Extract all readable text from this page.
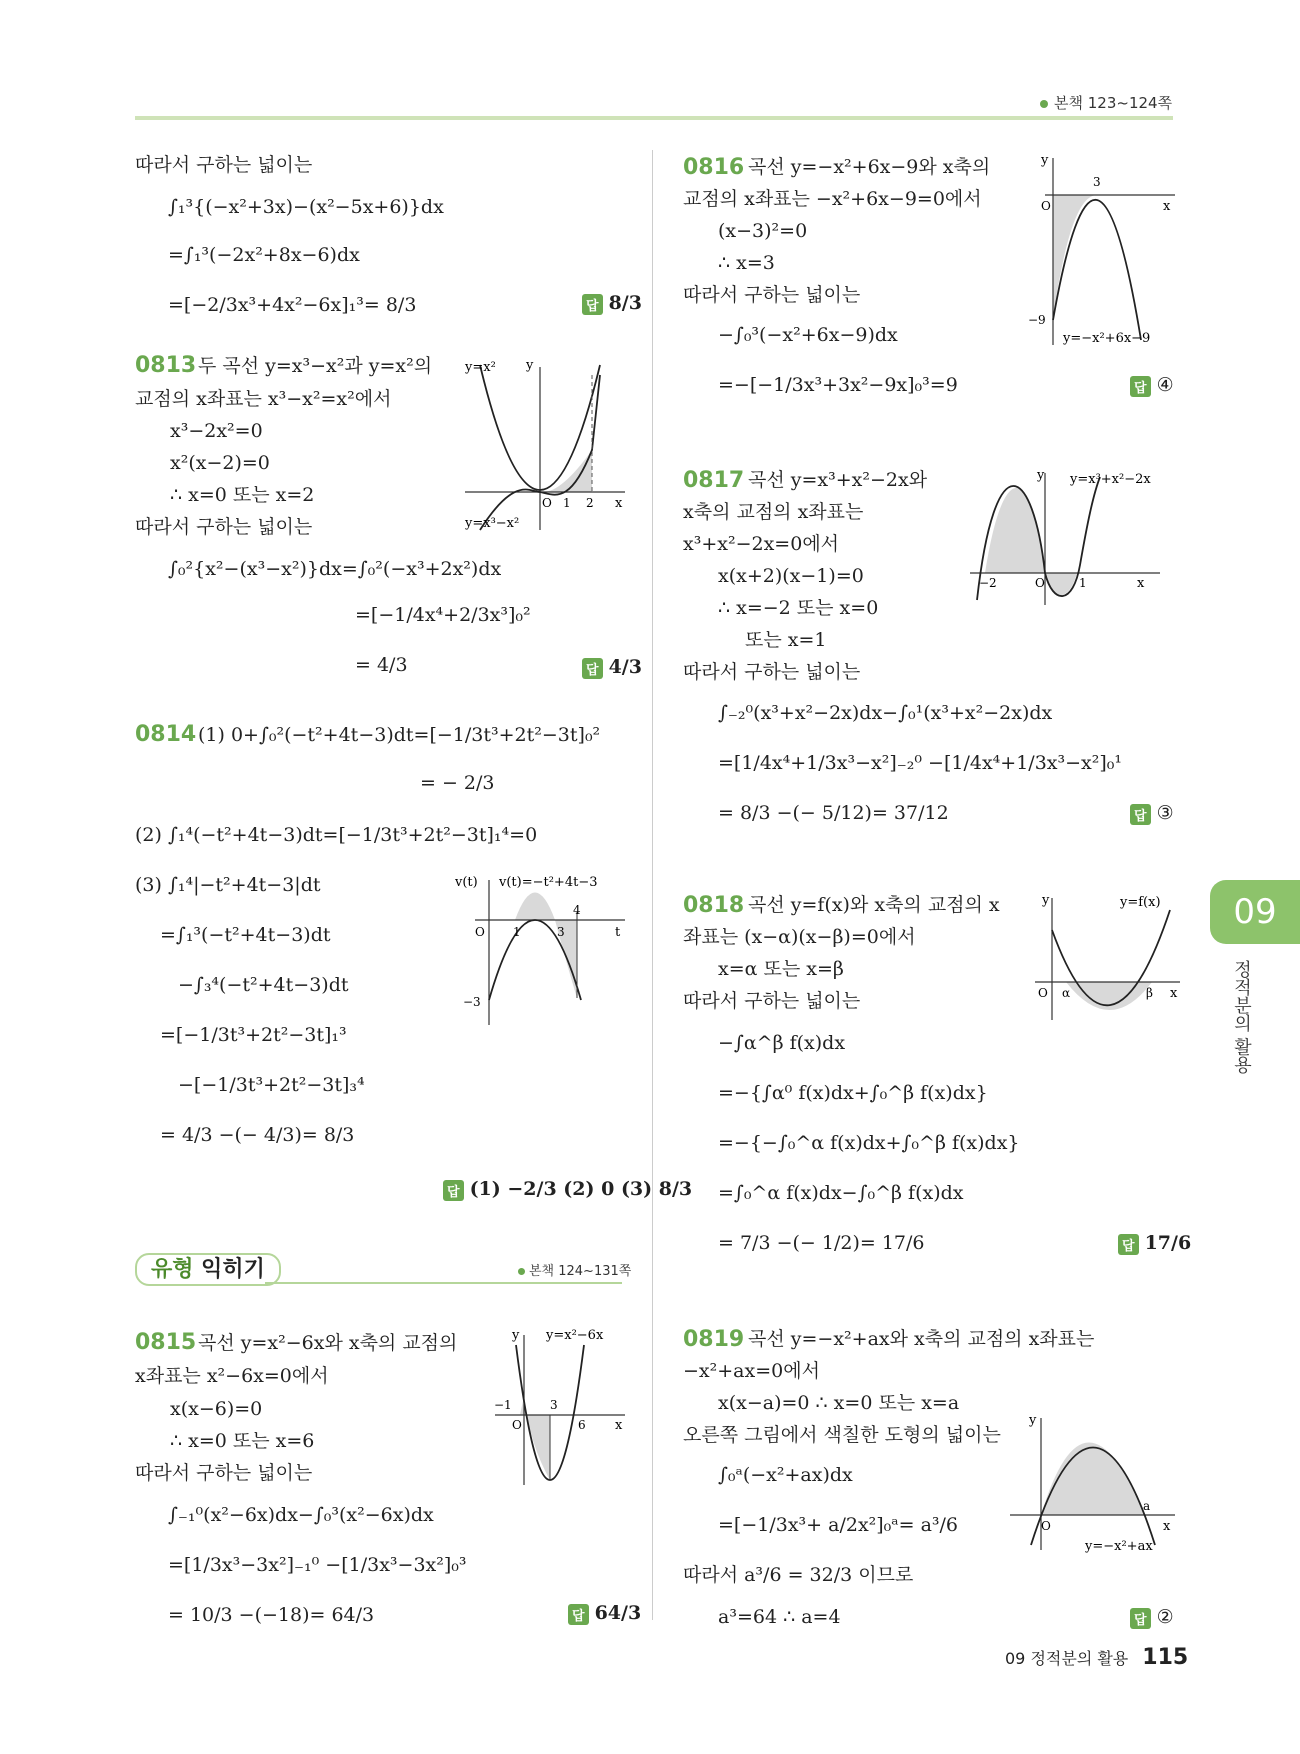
본책 123~124쪽
따라서 구하는 넓이는
∫₁³{(−x²+3x)−(x²−5x+6)}dx
=∫₁³(−2x²+8x−6)dx
=[−2/3x³+4x²−6x]₁³= 8/3	답 8/3
0813 두 곡선 y=x³−x²과 y=x²의
교점의 x좌표는 x³−x²=x²에서
x³−2x²=0
x²(x−2)=0
∴ x=0 또는 x=2
따라서 구하는 넓이는
∫₀²{x²−(x³−x²)}dx=∫₀²(−x³+2x²)dx
=[−1/4x⁴+2/3x³]₀²
= 4/3	답 4/3
y=x² y
x
O 1 2
y=x³−x²
0814 (1) 0+∫₀²(−t²+4t−3)dt=[−1/3t³+2t²−3t]₀²
= − 2/3
(2) ∫₁⁴(−t²+4t−3)dt=[−1/3t³+2t²−3t]₁⁴=0
(3) ∫₁⁴|−t²+4t−3|dt
=∫₁³(−t²+4t−3)dt
−∫₃⁴(−t²+4t−3)dt
=[−1/3t³+2t²−3t]₁³
−[−1/3t³+2t²−3t]₃⁴
= 4/3 −(− 4/3)= 8/3
답 (1) −2/3 (2) 0 (3) 8/3
v(t) v(t)=−t²+4t−3
O 1	3
4
t
−3
유형 익히기	본책 124~131쪽
0815 곡선 y=x²−6x와 x축의 교점의
x좌표는 x²−6x=0에서
x(x−6)=0
∴ x=0 또는 x=6
따라서 구하는 넓이는
∫₋₁⁰(x²−6x)dx−∫₀³(x²−6x)dx
=[1/3x³−3x²]₋₁⁰ −[1/3x³−3x²]₀³
= 10/3 −(−18)= 64/3	답 64/3
y y=x²−6x
−1	3
O	6 x
0816 곡선 y=−x²+6x−9와 x축의
교점의 x좌표는 −x²+6x−9=0에서
(x−3)²=0
∴ x=3
따라서 구하는 넓이는
−∫₀³(−x²+6x−9)dx
=−[−1/3x³+3x²−9x]₀³=9	답 ④
y
3
O	x
−9
y=−x²+6x−9
0817 곡선 y=x³+x²−2x와
x축의 교점의 x좌표는
x³+x²−2x=0에서
x(x+2)(x−1)=0
∴ x=−2 또는 x=0
또는 x=1
따라서 구하는 넓이는
∫₋₂⁰(x³+x²−2x)dx−∫₀¹(x³+x²−2x)dx
=[1/4x⁴+1/3x³−x²]₋₂⁰ −[1/4x⁴+1/3x³−x²]₀¹
= 8/3 −(− 5/12)= 37/12	답 ③
y y=x³+x²−2x
−2	O	1	x
0818 곡선 y=f(x)와 x축의 교점의 x
좌표는 (x−α)(x−β)=0에서
x=α 또는 x=β
따라서 구하는 넓이는
−∫α^β f(x)dx
=−{∫α⁰ f(x)dx+∫₀^β f(x)dx}
=−{−∫₀^α f(x)dx+∫₀^β f(x)dx}
=∫₀^α f(x)dx−∫₀^β f(x)dx
= 7/3 −(− 1/2)= 17/6	답 17/6
y	y=f(x)
O α	β x
0819 곡선 y=−x²+ax와 x축의 교점의 x좌표는
−x²+ax=0에서
x(x−a)=0 ∴ x=0 또는 x=a
오른쪽 그림에서 색칠한 도형의 넓이는
∫₀ᵃ(−x²+ax)dx
=[−1/3x³+ a/2x²]₀ᵃ= a³/6
따라서 a³/6 = 32/3 이므로
a³=64 ∴ a=4	답 ②
y
O
a
x
y=−x²+ax
09
정적분의 활용
09 정적분의 활용 115
